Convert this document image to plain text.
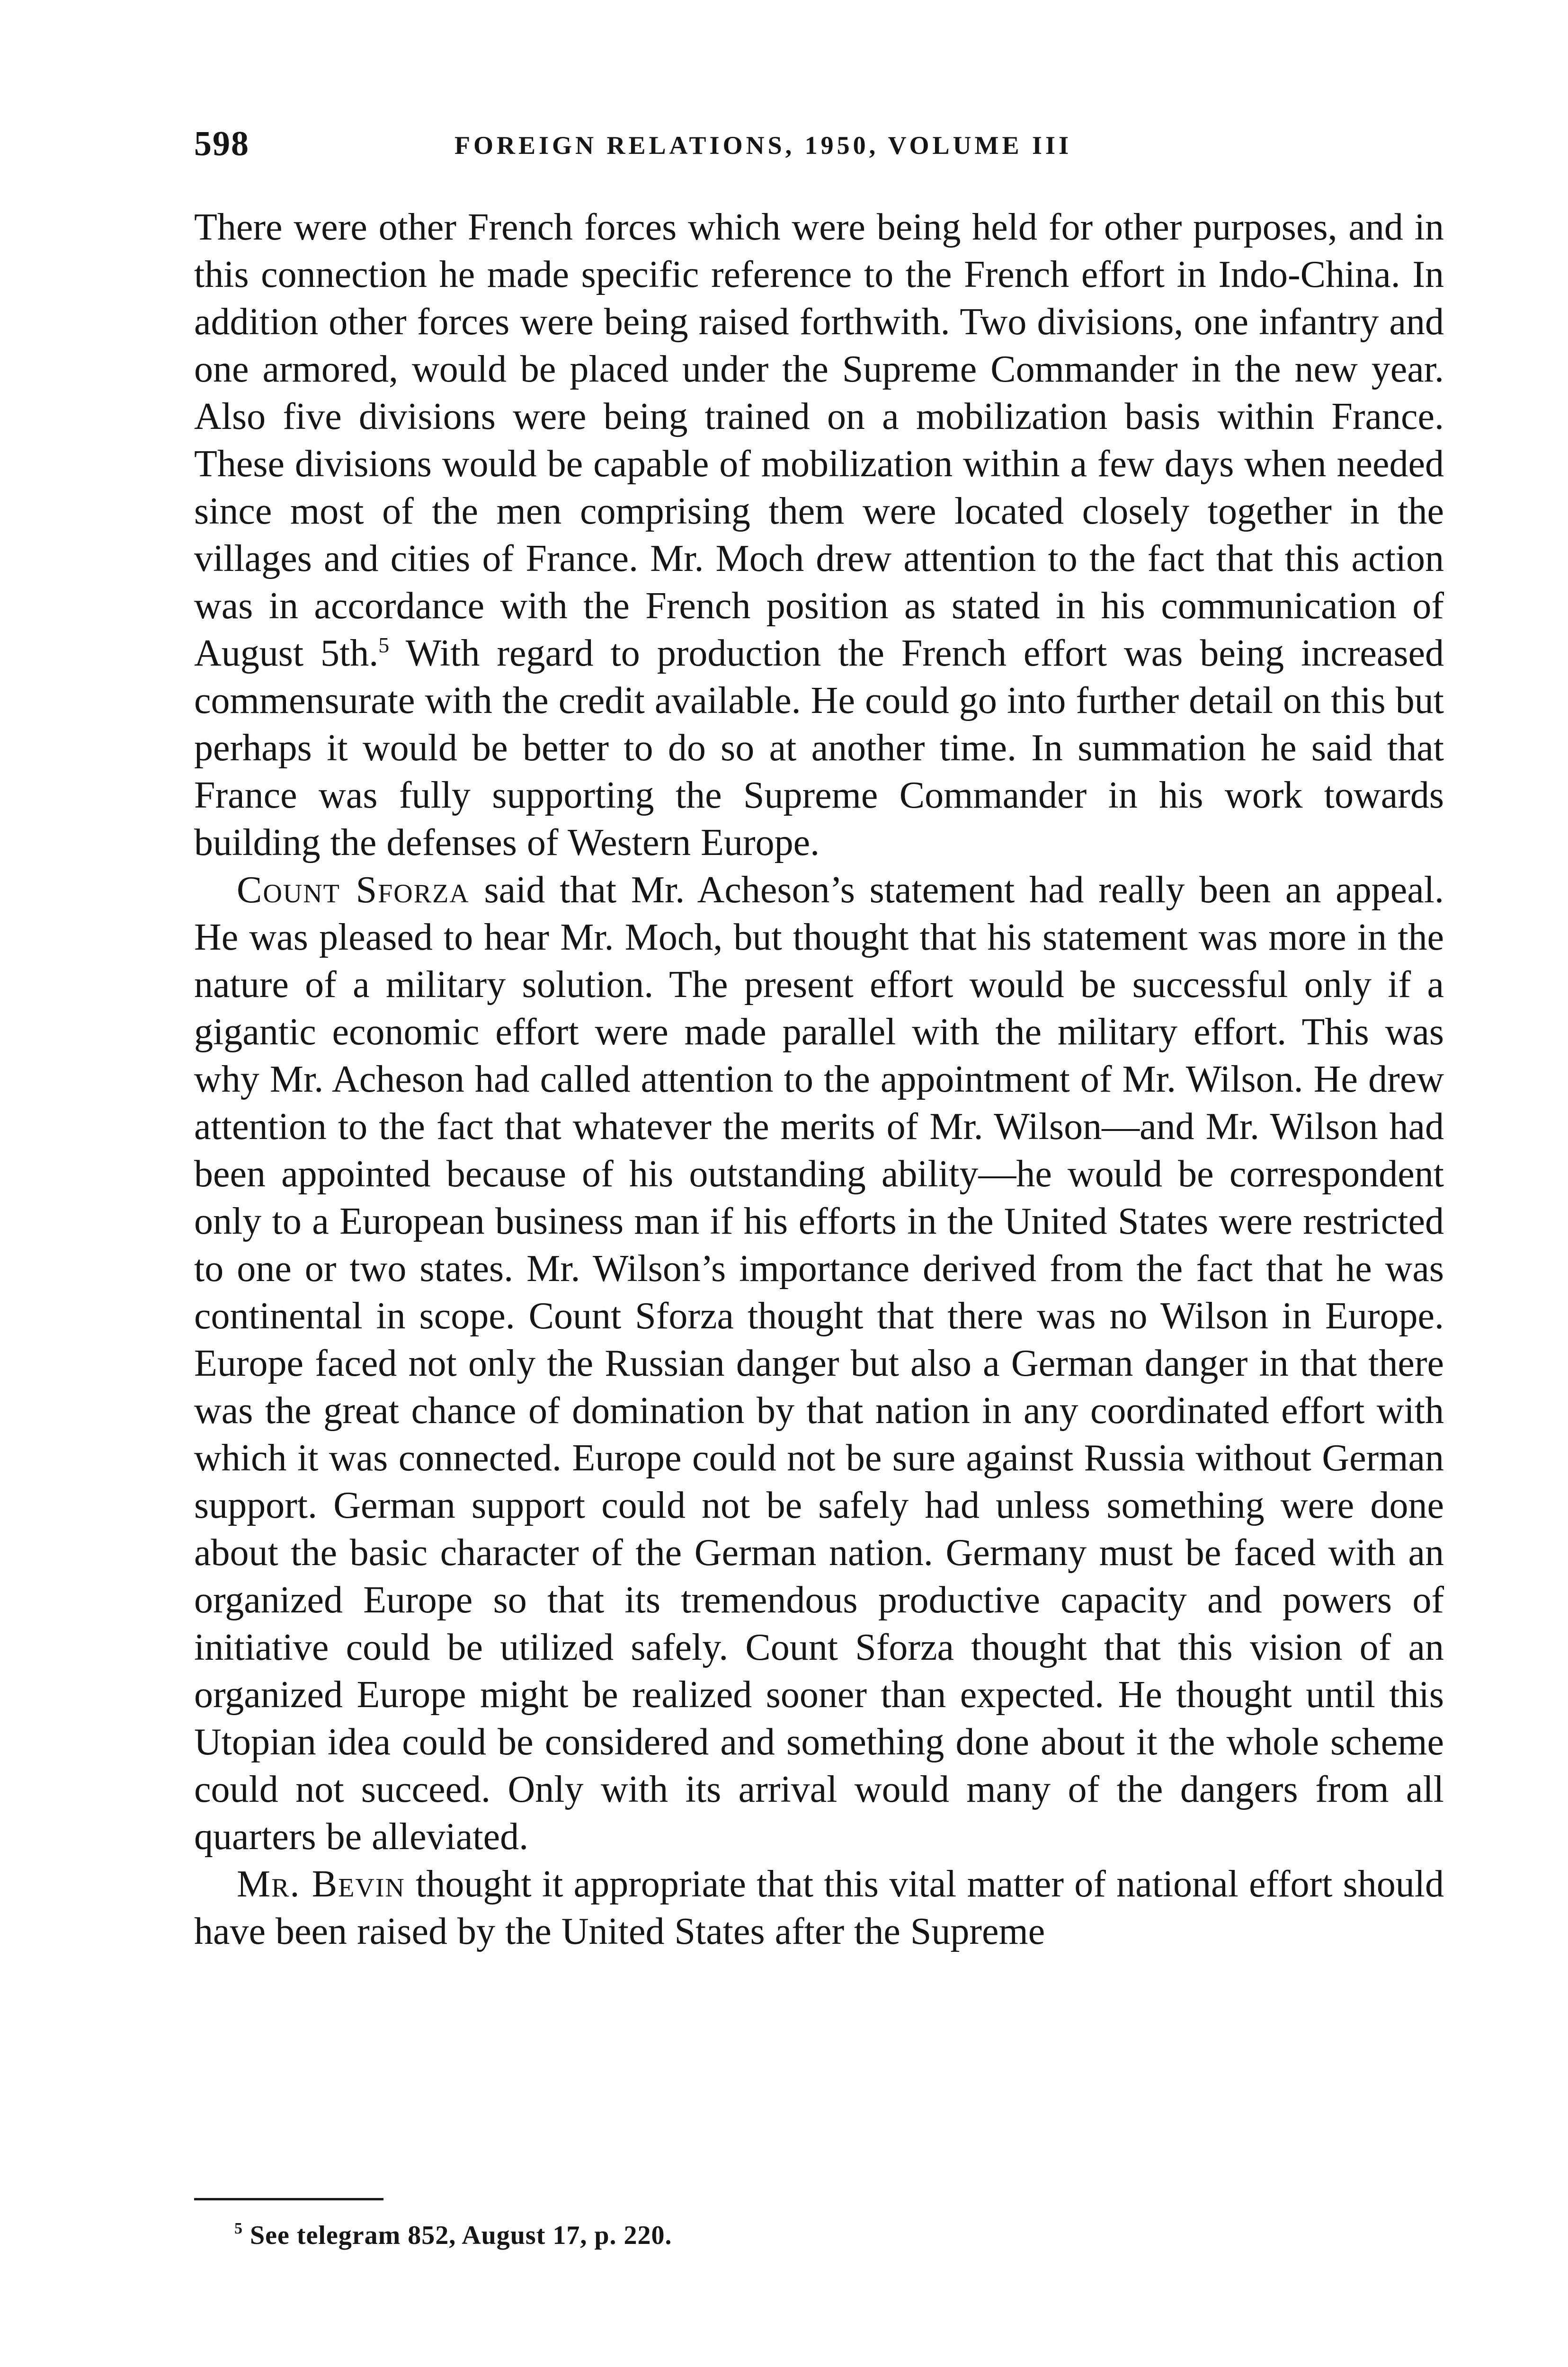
598	FOREIGN RELATIONS, 1950, VOLUME III

There were other French forces which were being held for other purposes, and in this connection he made specific reference to the French effort in Indo-China. In addition other forces were being raised forthwith. Two divisions, one infantry and one armored, would be placed under the Supreme Commander in the new year. Also five divisions were being trained on a mobilization basis within France. These divisions would be capable of mobilization within a few days when needed since most of the men comprising them were located closely together in the villages and cities of France. Mr. Moch drew attention to the fact that this action was in accordance with the French position as stated in his communication of August 5th.$^5$ With regard to production the French effort was being increased commensurate with the credit available. He could go into further detail on this but perhaps it would be better to do so at another time. In summation he said that France was fully supporting the Supreme Commander in his work towards building the defenses of Western Europe.

Count Sforza said that Mr. Acheson’s statement had really been an appeal. He was pleased to hear Mr. Moch, but thought that his statement was more in the nature of a military solution. The present effort would be successful only if a gigantic economic effort were made parallel with the military effort. This was why Mr. Acheson had called attention to the appointment of Mr. Wilson. He drew attention to the fact that whatever the merits of Mr. Wilson—and Mr. Wilson had been appointed because of his outstanding ability—he would be correspondent only to a European business man if his efforts in the United States were restricted to one or two states. Mr. Wilson’s importance derived from the fact that he was continental in scope. Count Sforza thought that there was no Wilson in Europe. Europe faced not only the Russian danger but also a German danger in that there was the great chance of domination by that nation in any coordinated effort with which it was connected. Europe could not be sure against Russia without German support. German support could not be safely had unless something were done about the basic character of the German nation. Germany must be faced with an organized Europe so that its tremendous productive capacity and powers of initiative could be utilized safely. Count Sforza thought that this vision of an organized Europe might be realized sooner than expected. He thought until this Utopian idea could be considered and something done about it the whole scheme could not succeed. Only with its arrival would many of the dangers from all quarters be alleviated.

Mr. Bevin thought it appropriate that this vital matter of national effort should have been raised by the United States after the Supreme

$^5$ See telegram 852, August 17, p. 220.
